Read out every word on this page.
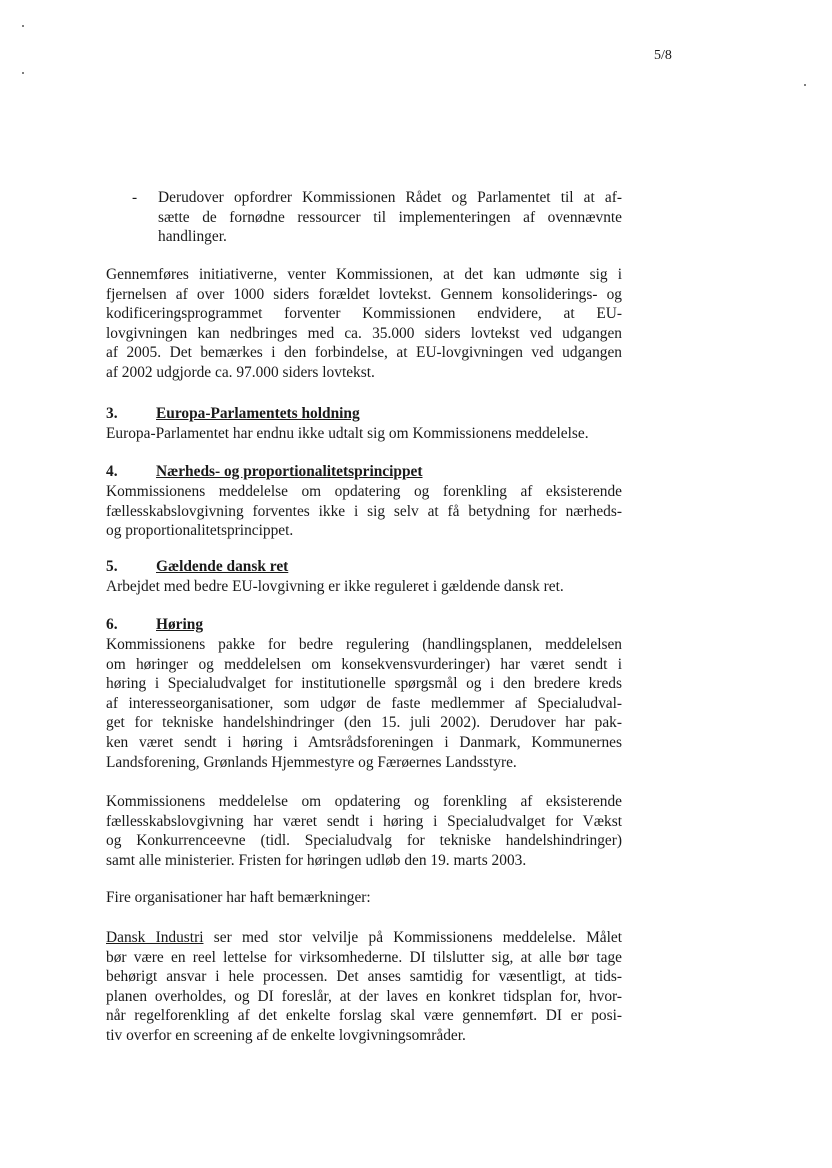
5/8
- Derudover opfordrer Kommissionen Rådet og Parlamentet til at af-
sætte de fornødne ressourcer til implementeringen af ovennævnte
handlinger.
Gennemføres initiativerne, venter Kommissionen, at det kan udmønte sig i
fjernelsen af over 1000 siders forældet lovtekst. Gennem konsoliderings- og
kodificeringsprogrammet forventer Kommissionen endvidere, at EU-
lovgivningen kan nedbringes med ca. 35.000 siders lovtekst ved udgangen
af 2005. Det bemærkes i den forbindelse, at EU-lovgivningen ved udgangen
af 2002 udgjorde ca. 97.000 siders lovtekst.
3. Europa-Parlamentets holdning
Europa-Parlamentet har endnu ikke udtalt sig om Kommissionens meddelelse.
4. Nærheds- og proportionalitetsprincippet
Kommissionens meddelelse om opdatering og forenkling af eksisterende
fællesskabslovgivning forventes ikke i sig selv at få betydning for nærheds-
og proportionalitetsprincippet.
5. Gældende dansk ret
Arbejdet med bedre EU-lovgivning er ikke reguleret i gældende dansk ret.
6. Høring
Kommissionens pakke for bedre regulering (handlingsplanen, meddelelsen
om høringer og meddelelsen om konsekvensvurderinger) har været sendt i
høring i Specialudvalget for institutionelle spørgsmål og i den bredere kreds
af interesseorganisationer, som udgør de faste medlemmer af Specialudval-
get for tekniske handelshindringer (den 15. juli 2002). Derudover har pak-
ken været sendt i høring i Amtsrådsforeningen i Danmark, Kommunernes
Landsforening, Grønlands Hjemmestyre og Færøernes Landsstyre.
Kommissionens meddelelse om opdatering og forenkling af eksisterende
fællesskabslovgivning har været sendt i høring i Specialudvalget for Vækst
og Konkurrenceevne (tidl. Specialudvalg for tekniske handelshindringer)
samt alle ministerier. Fristen for høringen udløb den 19. marts 2003.
Fire organisationer har haft bemærkninger:
Dansk Industri ser med stor velvilje på Kommissionens meddelelse. Målet
bør være en reel lettelse for virksomhederne. DI tilslutter sig, at alle bør tage
behørigt ansvar i hele processen. Det anses samtidig for væsentligt, at tids-
planen overholdes, og DI foreslår, at der laves en konkret tidsplan for, hvor-
når regelforenkling af det enkelte forslag skal være gennemført. DI er posi-
tiv overfor en screening af de enkelte lovgivningsområder.
